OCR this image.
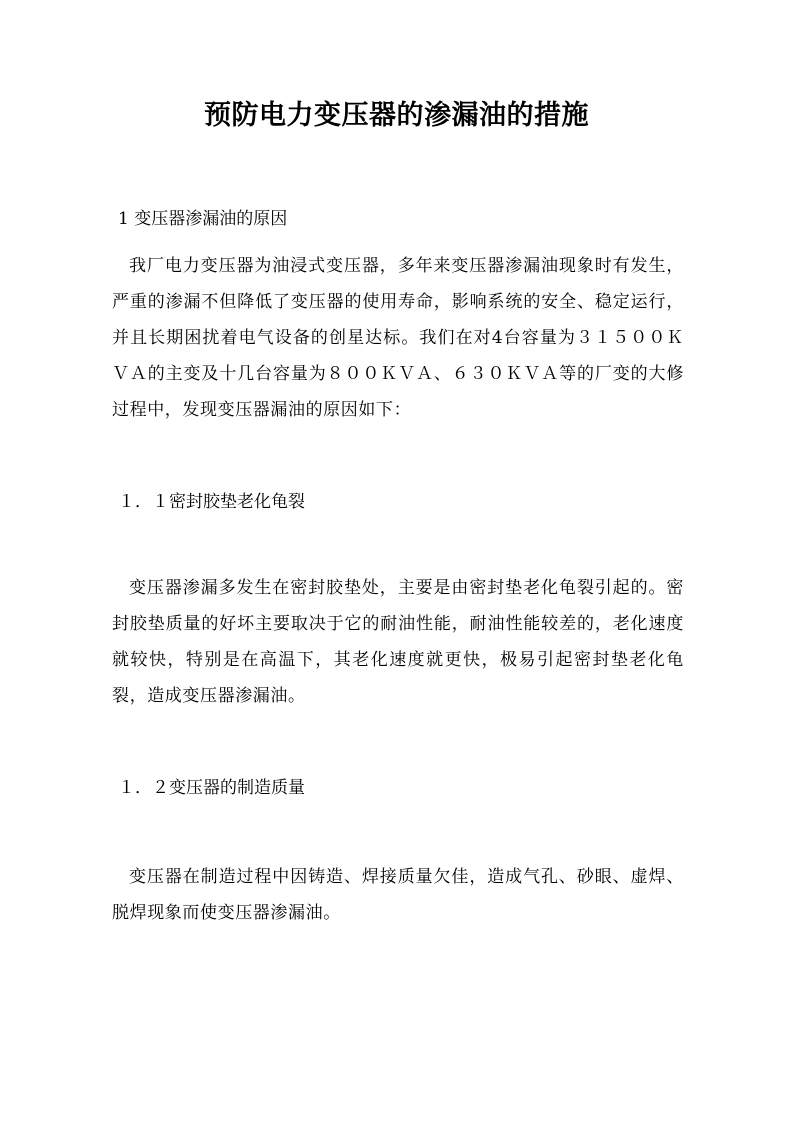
预防电力变压器的渗漏油的措施

1 变压器渗漏油的原因

我厂电力变压器为油浸式变压器，多年来变压器渗漏油现象时有发生，严重的渗漏不但降低了变压器的使用寿命，影响系统的安全、稳定运行，并且长期困扰着电气设备的创星达标。我们在对4台容量为３１５００ＫＶＡ的主变及十几台容量为８００ＫＶＡ、６３０ＫＶＡ等的厂变的大修过程中，发现变压器漏油的原因如下：

１．１密封胶垫老化龟裂

变压器渗漏多发生在密封胶垫处，主要是由密封垫老化龟裂引起的。密封胶垫质量的好坏主要取决于它的耐油性能，耐油性能较差的，老化速度就较快，特别是在高温下，其老化速度就更快，极易引起密封垫老化龟裂，造成变压器渗漏油。

１．２变压器的制造质量

变压器在制造过程中因铸造、焊接质量欠佳，造成气孔、砂眼、虚焊、脱焊现象而使变压器渗漏油。
